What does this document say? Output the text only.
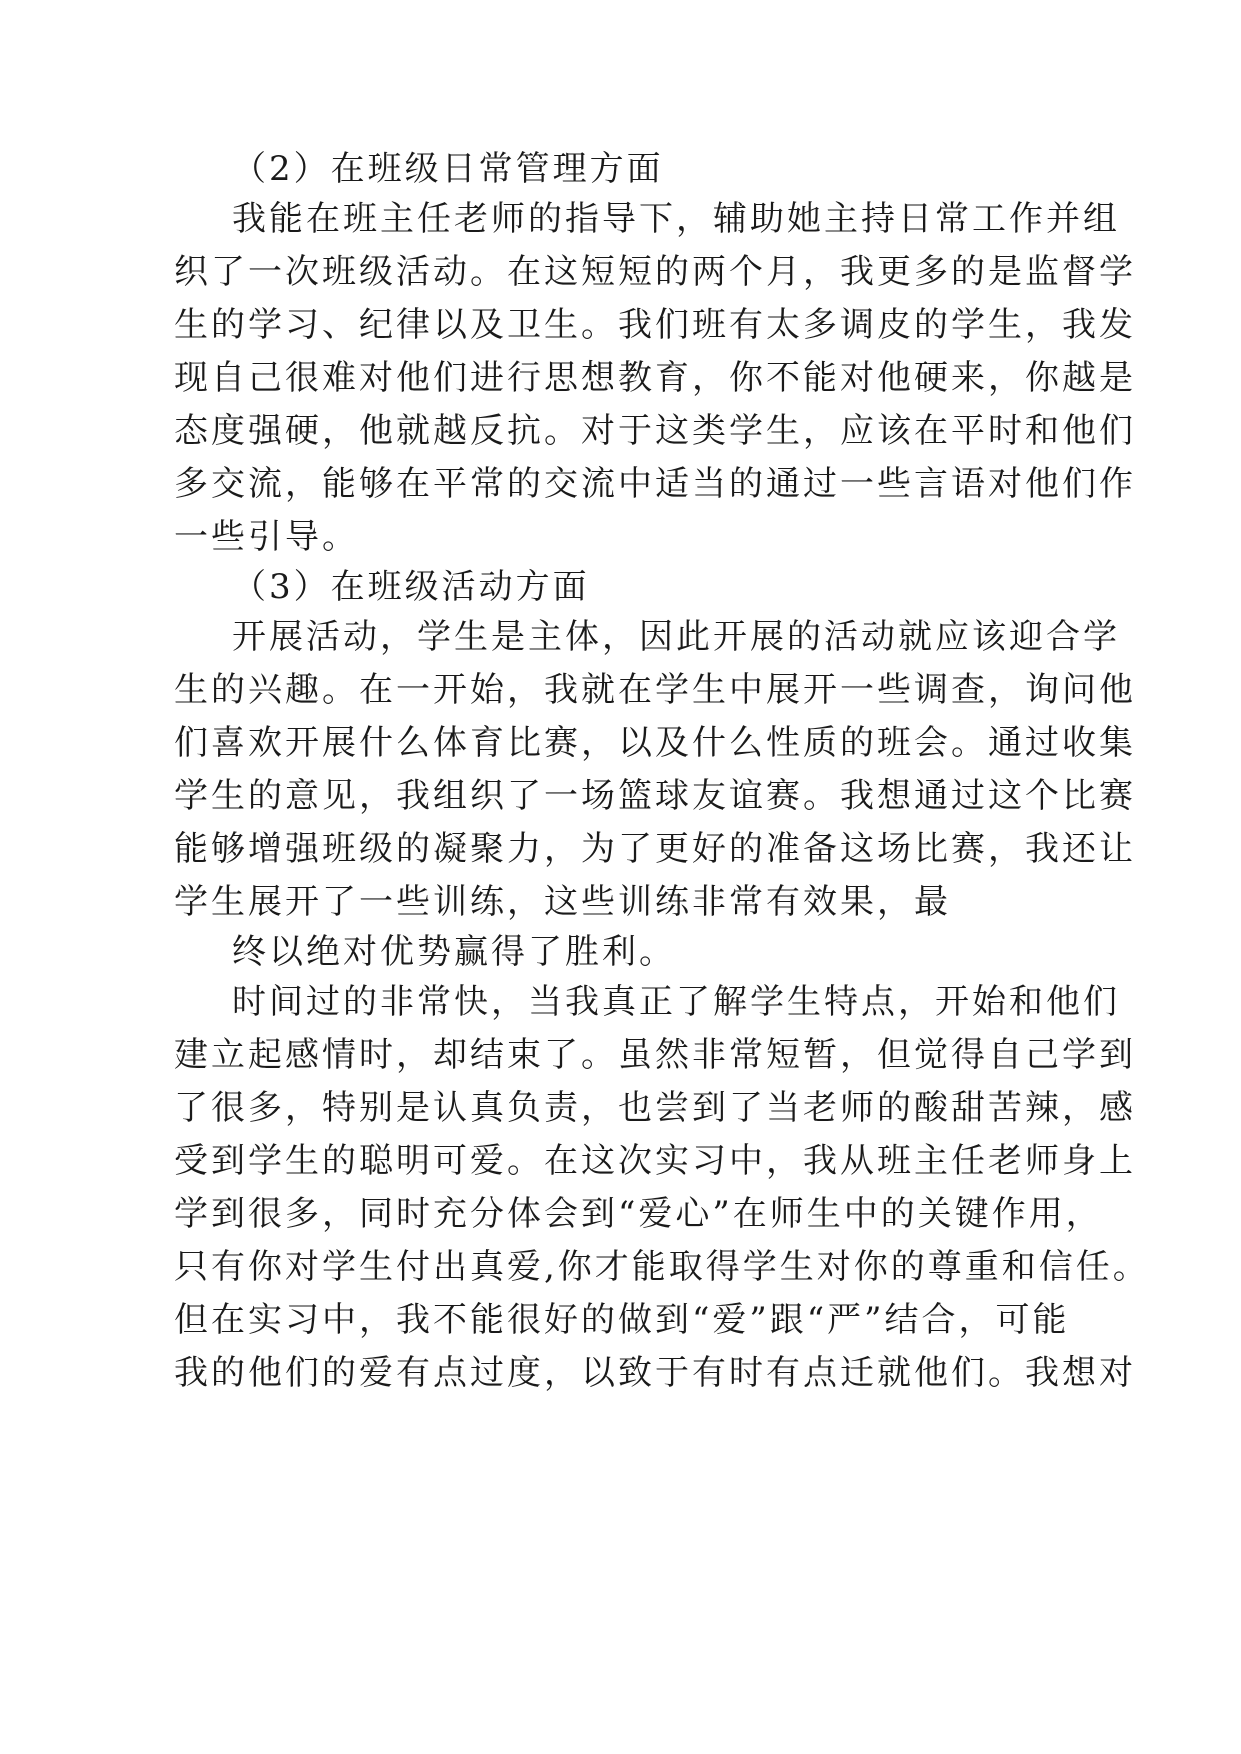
（2）在班级日常管理方面
我能在班主任老师的指导下，辅助她主持日常工作并组
织了一次班级活动。在这短短的两个月，我更多的是监督学
生的学习、纪律以及卫生。我们班有太多调皮的学生，我发
现自己很难对他们进行思想教育，你不能对他硬来，你越是
态度强硬，他就越反抗。对于这类学生，应该在平时和他们
多交流，能够在平常的交流中适当的通过一些言语对他们作
一些引导。
（3）在班级活动方面
开展活动，学生是主体，因此开展的活动就应该迎合学
生的兴趣。在一开始，我就在学生中展开一些调查，询问他
们喜欢开展什么体育比赛，以及什么性质的班会。通过收集
学生的意见，我组织了一场篮球友谊赛。我想通过这个比赛
能够增强班级的凝聚力，为了更好的准备这场比赛，我还让
学生展开了一些训练，这些训练非常有效果，最
终以绝对优势赢得了胜利。
时间过的非常快，当我真正了解学生特点，开始和他们
建立起感情时，却结束了。虽然非常短暂，但觉得自己学到
了很多，特别是认真负责，也尝到了当老师的酸甜苦辣，感
受到学生的聪明可爱。在这次实习中，我从班主任老师身上
学到很多，同时充分体会到“爱心”在师生中的关键作用，
只有你对学生付出真爱,你才能取得学生对你的尊重和信任。
但在实习中，我不能很好的做到“爱”跟“严”结合，可能
我的他们的爱有点过度，以致于有时有点迁就他们。我想对
